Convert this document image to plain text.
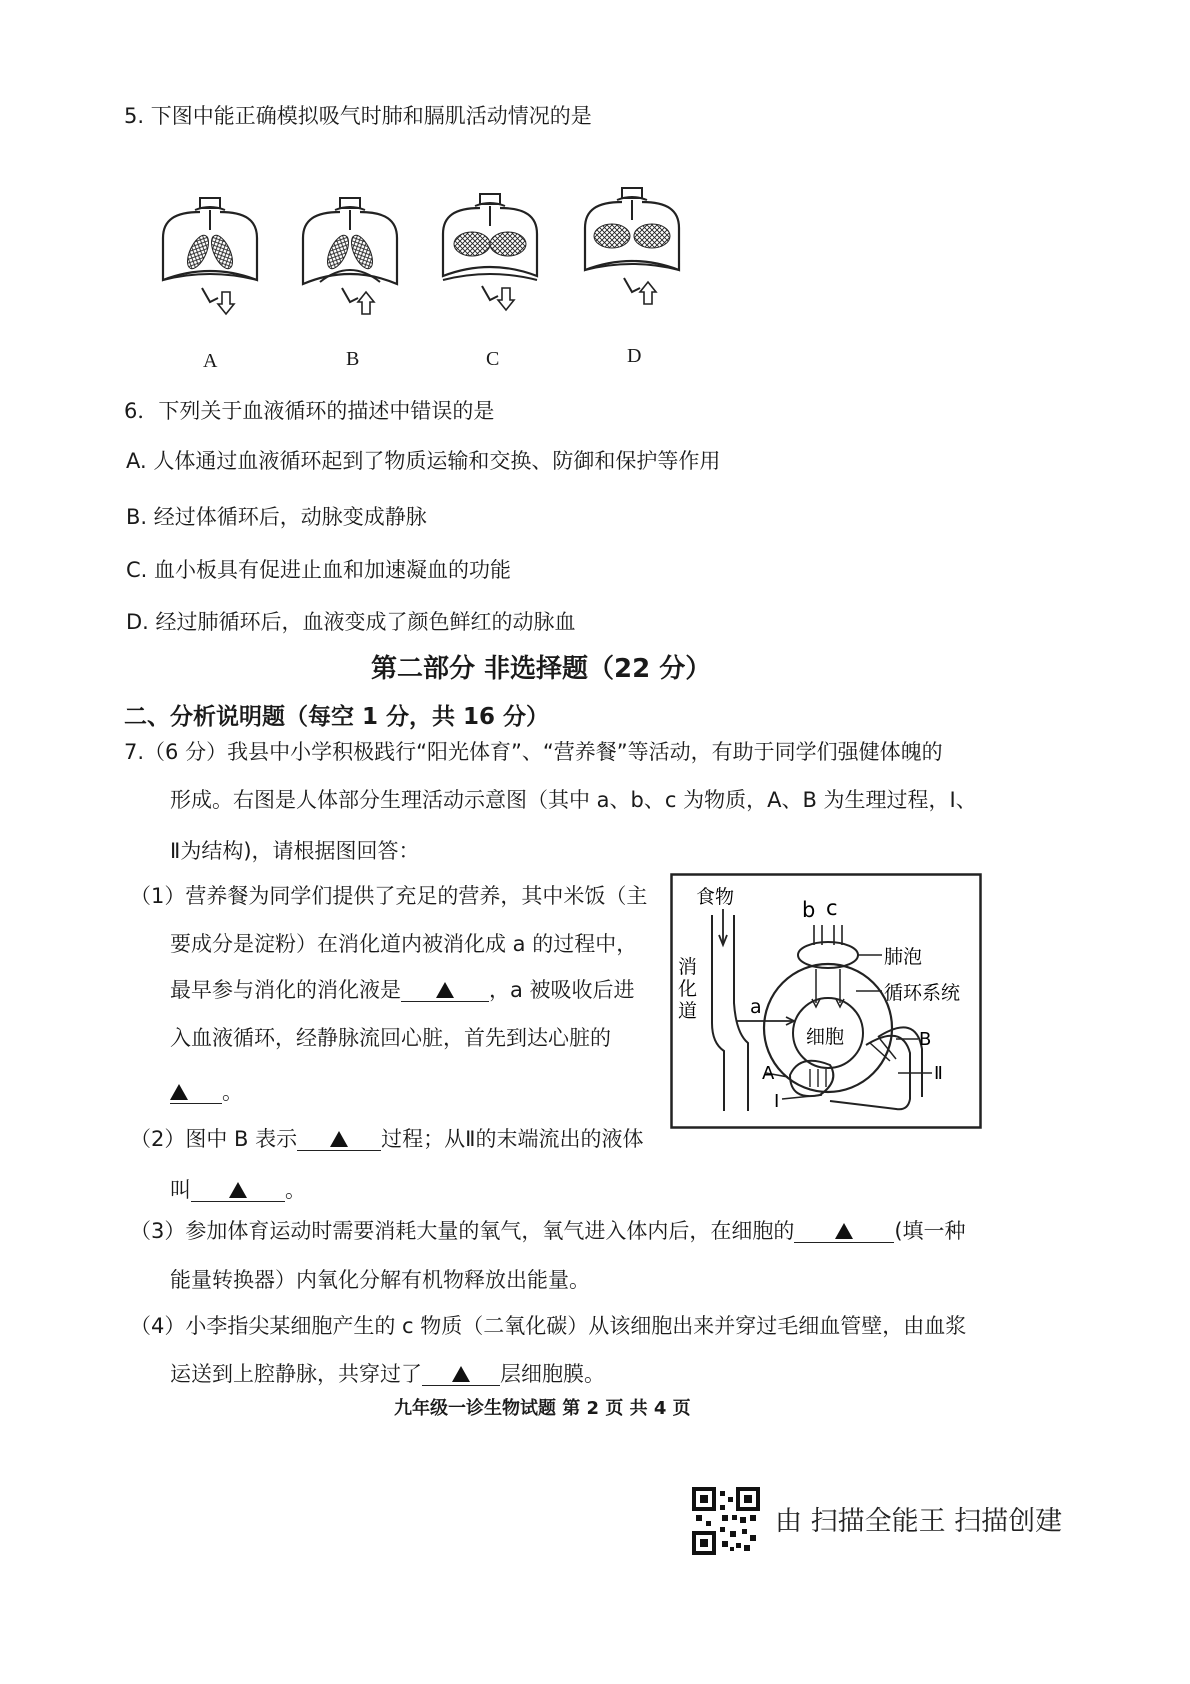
5. 下图中能正确模拟吸气时肺和膈肌活动情况的是
A	B	C	D
6．下列关于血液循环的描述中错误的是
A. 人体通过血液循环起到了物质运输和交换、防御和保护等作用
B. 经过体循环后，动脉变成静脉
C. 血小板具有促进止血和加速凝血的功能
D. 经过肺循环后，血液变成了颜色鲜红的动脉血
第二部分 非选择题（22 分）
二、分析说明题（每空 1 分，共 16 分）
7.（6 分）我县中小学积极践行“阳光体育”、“营养餐”等活动，有助于同学们强健体魄的
形成。右图是人体部分生理活动示意图（其中 a、b、c 为物质，A、B 为生理过程，Ⅰ、
Ⅱ为结构)，请根据图回答：
（1）营养餐为同学们提供了充足的营养，其中米饭（主
要成分是淀粉）在消化道内被消化成 a 的过程中，
最早参与消化的消化液是	，a 被吸收后进
入血液循环，经静脉流回心脏，首先到达心脏的
。
（2）图中 B 表示	过程；从Ⅱ的末端流出的液体
叫	。
（3）参加体育运动时需要消耗大量的氧气，氧气进入体内后，在细胞的	(填一种
能量转换器）内氧化分解有机物释放出能量。
（4）小李指尖某细胞产生的 c 物质（二氧化碳）从该细胞出来并穿过毛细血管壁，由血浆
运送到上腔静脉，共穿过了	层细胞膜。
食物
消
化
道
b c
肺泡
循环系统
a
细胞	B
A	Ⅱ
Ⅰ
九年级一诊生物试题 第 2 页 共 4 页
由 扫描全能王 扫描创建
